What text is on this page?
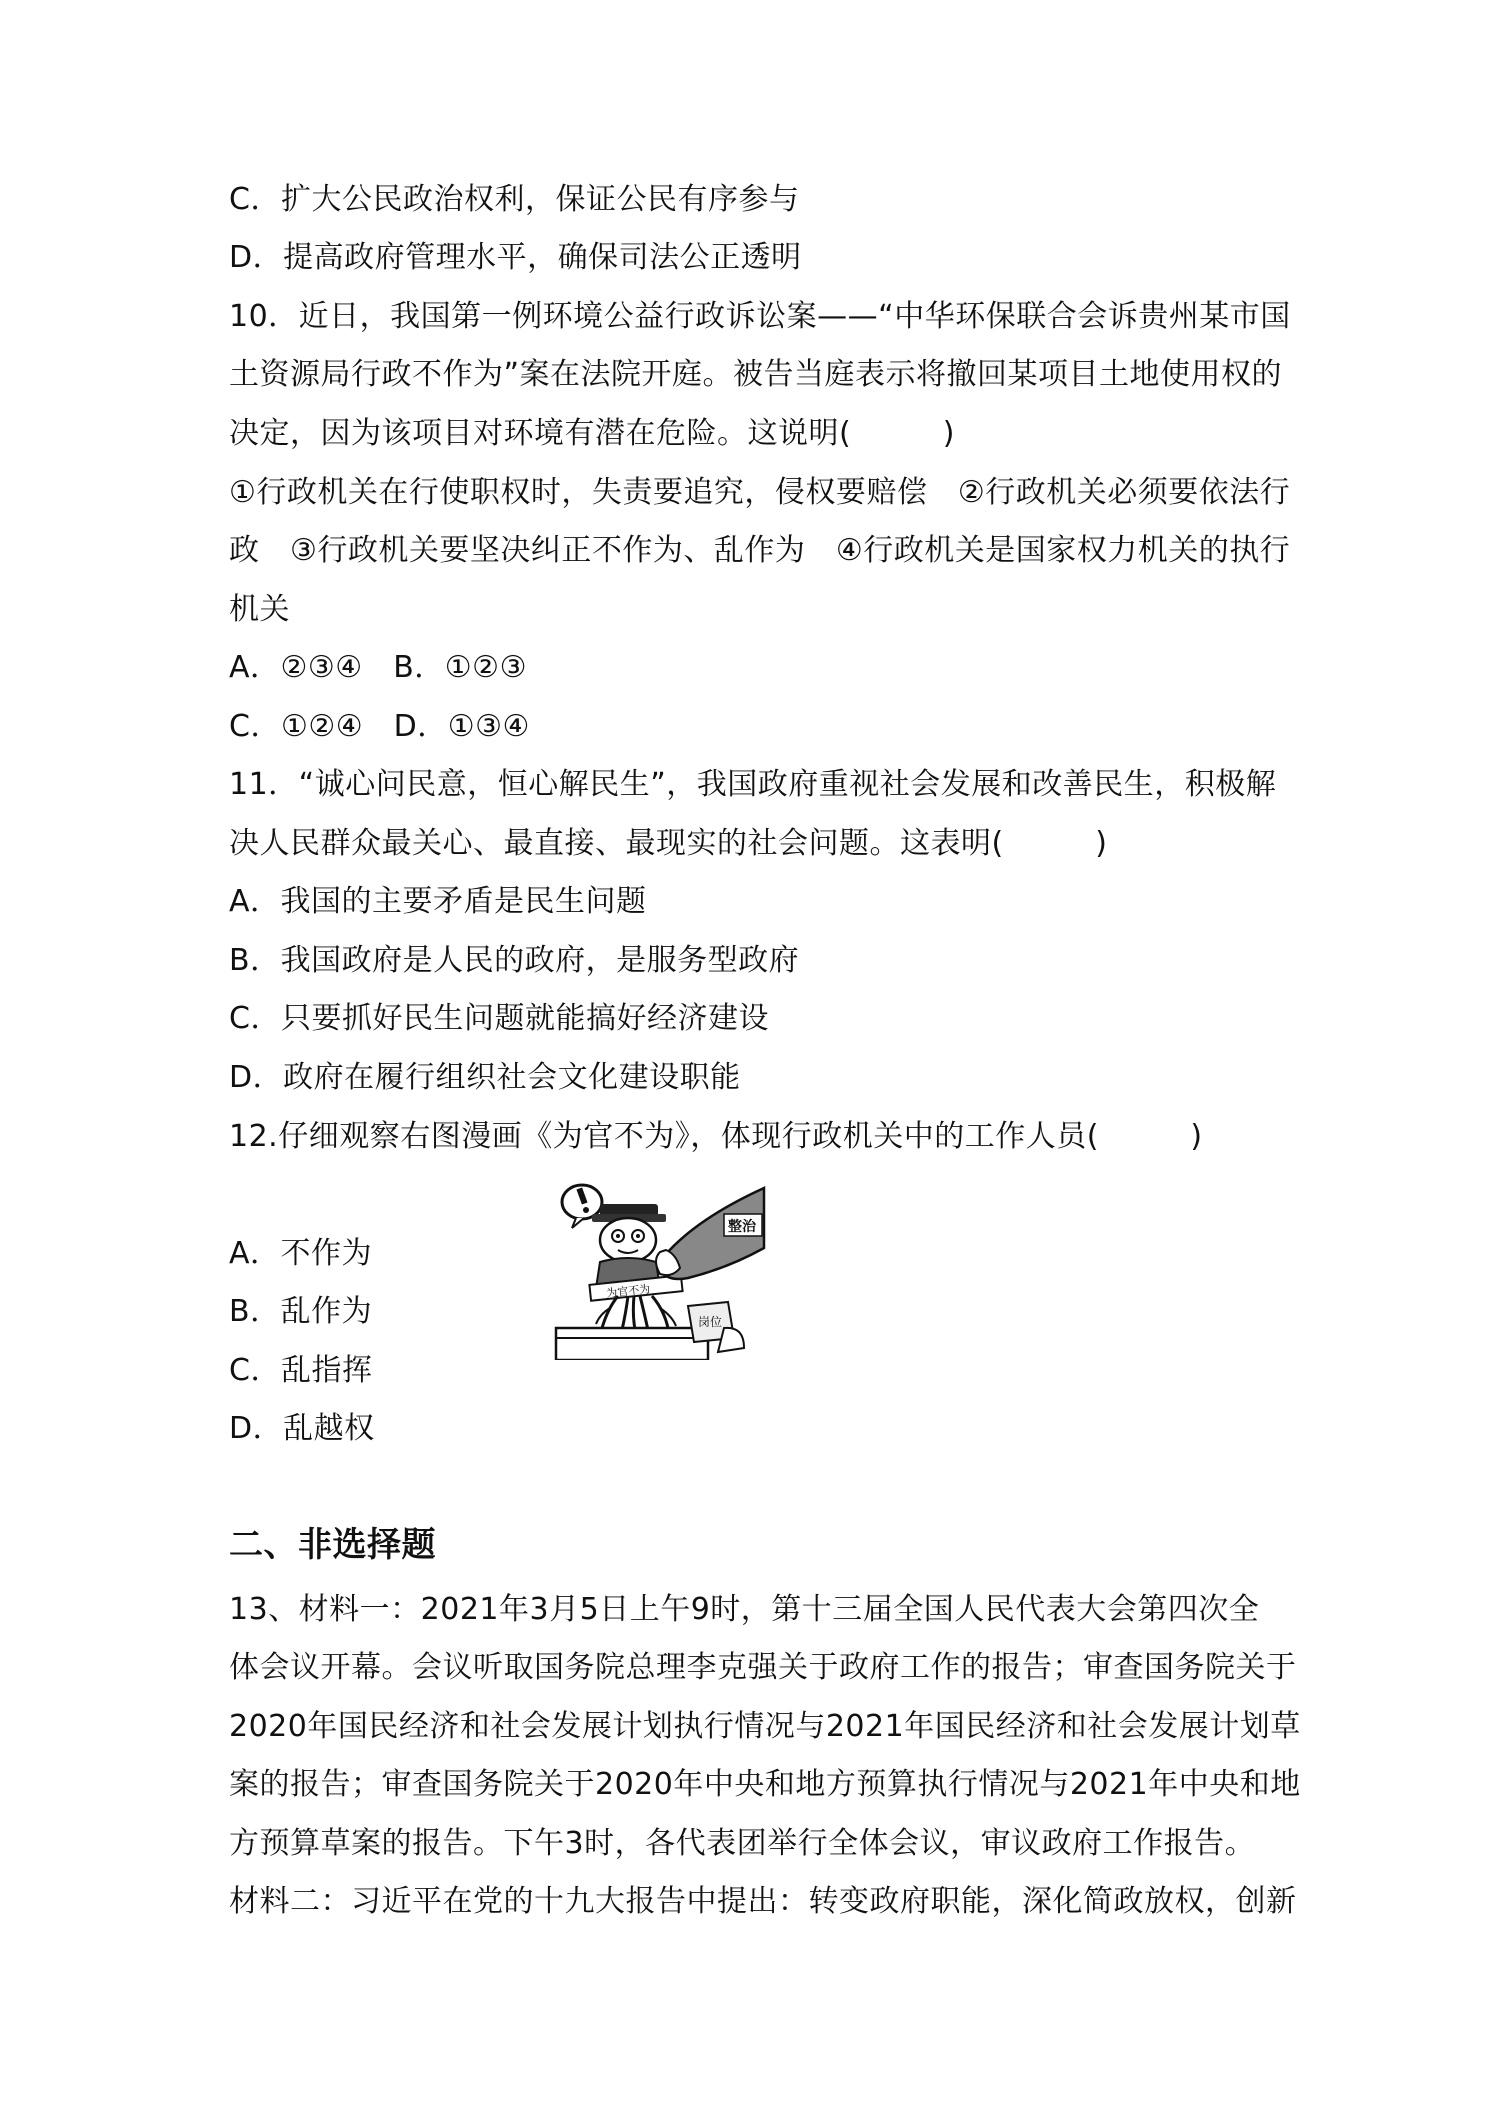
C．扩大公民政治权利，保证公民有序参与
D．提高政府管理水平，确保司法公正透明
10．近日，我国第一例环境公益行政诉讼案——“中华环保联合会诉贵州某市国
土资源局行政不作为”案在法院开庭。被告当庭表示将撤回某项目土地使用权的
决定，因为该项目对环境有潜在危险。这说明(　　　)
①行政机关在行使职权时，失责要追究，侵权要赔偿　②行政机关必须要依法行
政　③行政机关要坚决纠正不作为、乱作为　④行政机关是国家权力机关的执行
机关
A．②③④　B．①②③
C．①②④　D．①③④
11．“诚心问民意，恒心解民生”，我国政府重视社会发展和改善民生，积极解
决人民群众最关心、最直接、最现实的社会问题。这表明(　　　)
A．我国的主要矛盾是民生问题
B．我国政府是人民的政府，是服务型政府
C．只要抓好民生问题就能搞好经济建设
D．政府在履行组织社会文化建设职能
12.仔细观察右图漫画《为官不为》，体现行政机关中的工作人员(　　　)
A．不作为
B．乱作为
C．乱指挥
D．乱越权
为官不为
整治
岗位
二、非选择题
13、材料一：2021年3月5日上午9时，第十三届全国人民代表大会第四次全
体会议开幕。会议听取国务院总理李克强关于政府工作的报告；审查国务院关于
2020年国民经济和社会发展计划执行情况与2021年国民经济和社会发展计划草
案的报告；审查国务院关于2020年中央和地方预算执行情况与2021年中央和地
方预算草案的报告。下午3时，各代表团举行全体会议，审议政府工作报告。
材料二：习近平在党的十九大报告中提出：转变政府职能，深化简政放权，创新
